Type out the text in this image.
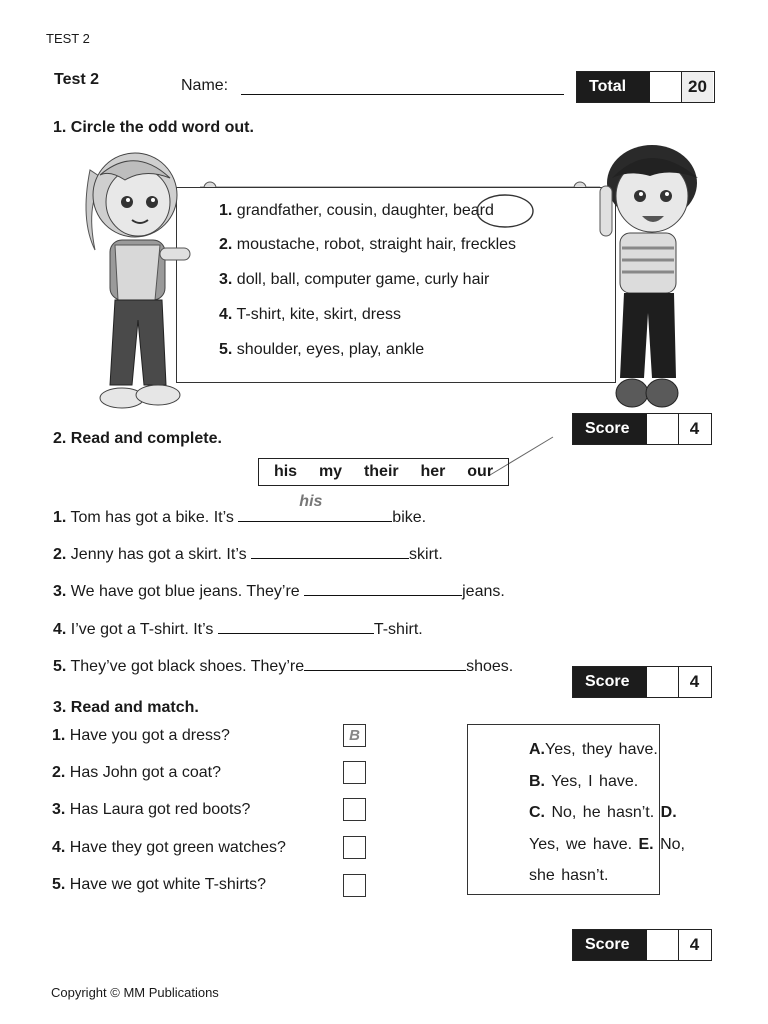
TEST 2
Test 2	Name:	Total	20
1. Circle the odd word out.
1. grandfather, cousin, daughter, beard
2. moustache, robot, straight hair, freckles
3. doll, ball, computer game, curly hair
4. T-shirt, kite, skirt, dress
5. shoulder, eyes, play, ankle
Score	4
2. Read and complete.
his my their her our
1. Tom has got a bike. It’s
his
bike.
2. Jenny has got a skirt. It’s	skirt.
3. We have got blue jeans. They’re	jeans.
4. I’ve got a T-shirt. It’s	T-shirt.
5. They’ve got black shoes. They’re	shoes.
Score	4
3. Read and match.
1. Have you got a dress?	B
2. Has John got a coat?
3. Has Laura got red boots?
4. Have they got green watches?
5. Have we got white T-shirts?
A.Yes, they have.
B. Yes, I have.
C. No, he hasn’t. D. Yes, we have. E. No, she hasn’t.
Score	4
Copyright © MM Publications
